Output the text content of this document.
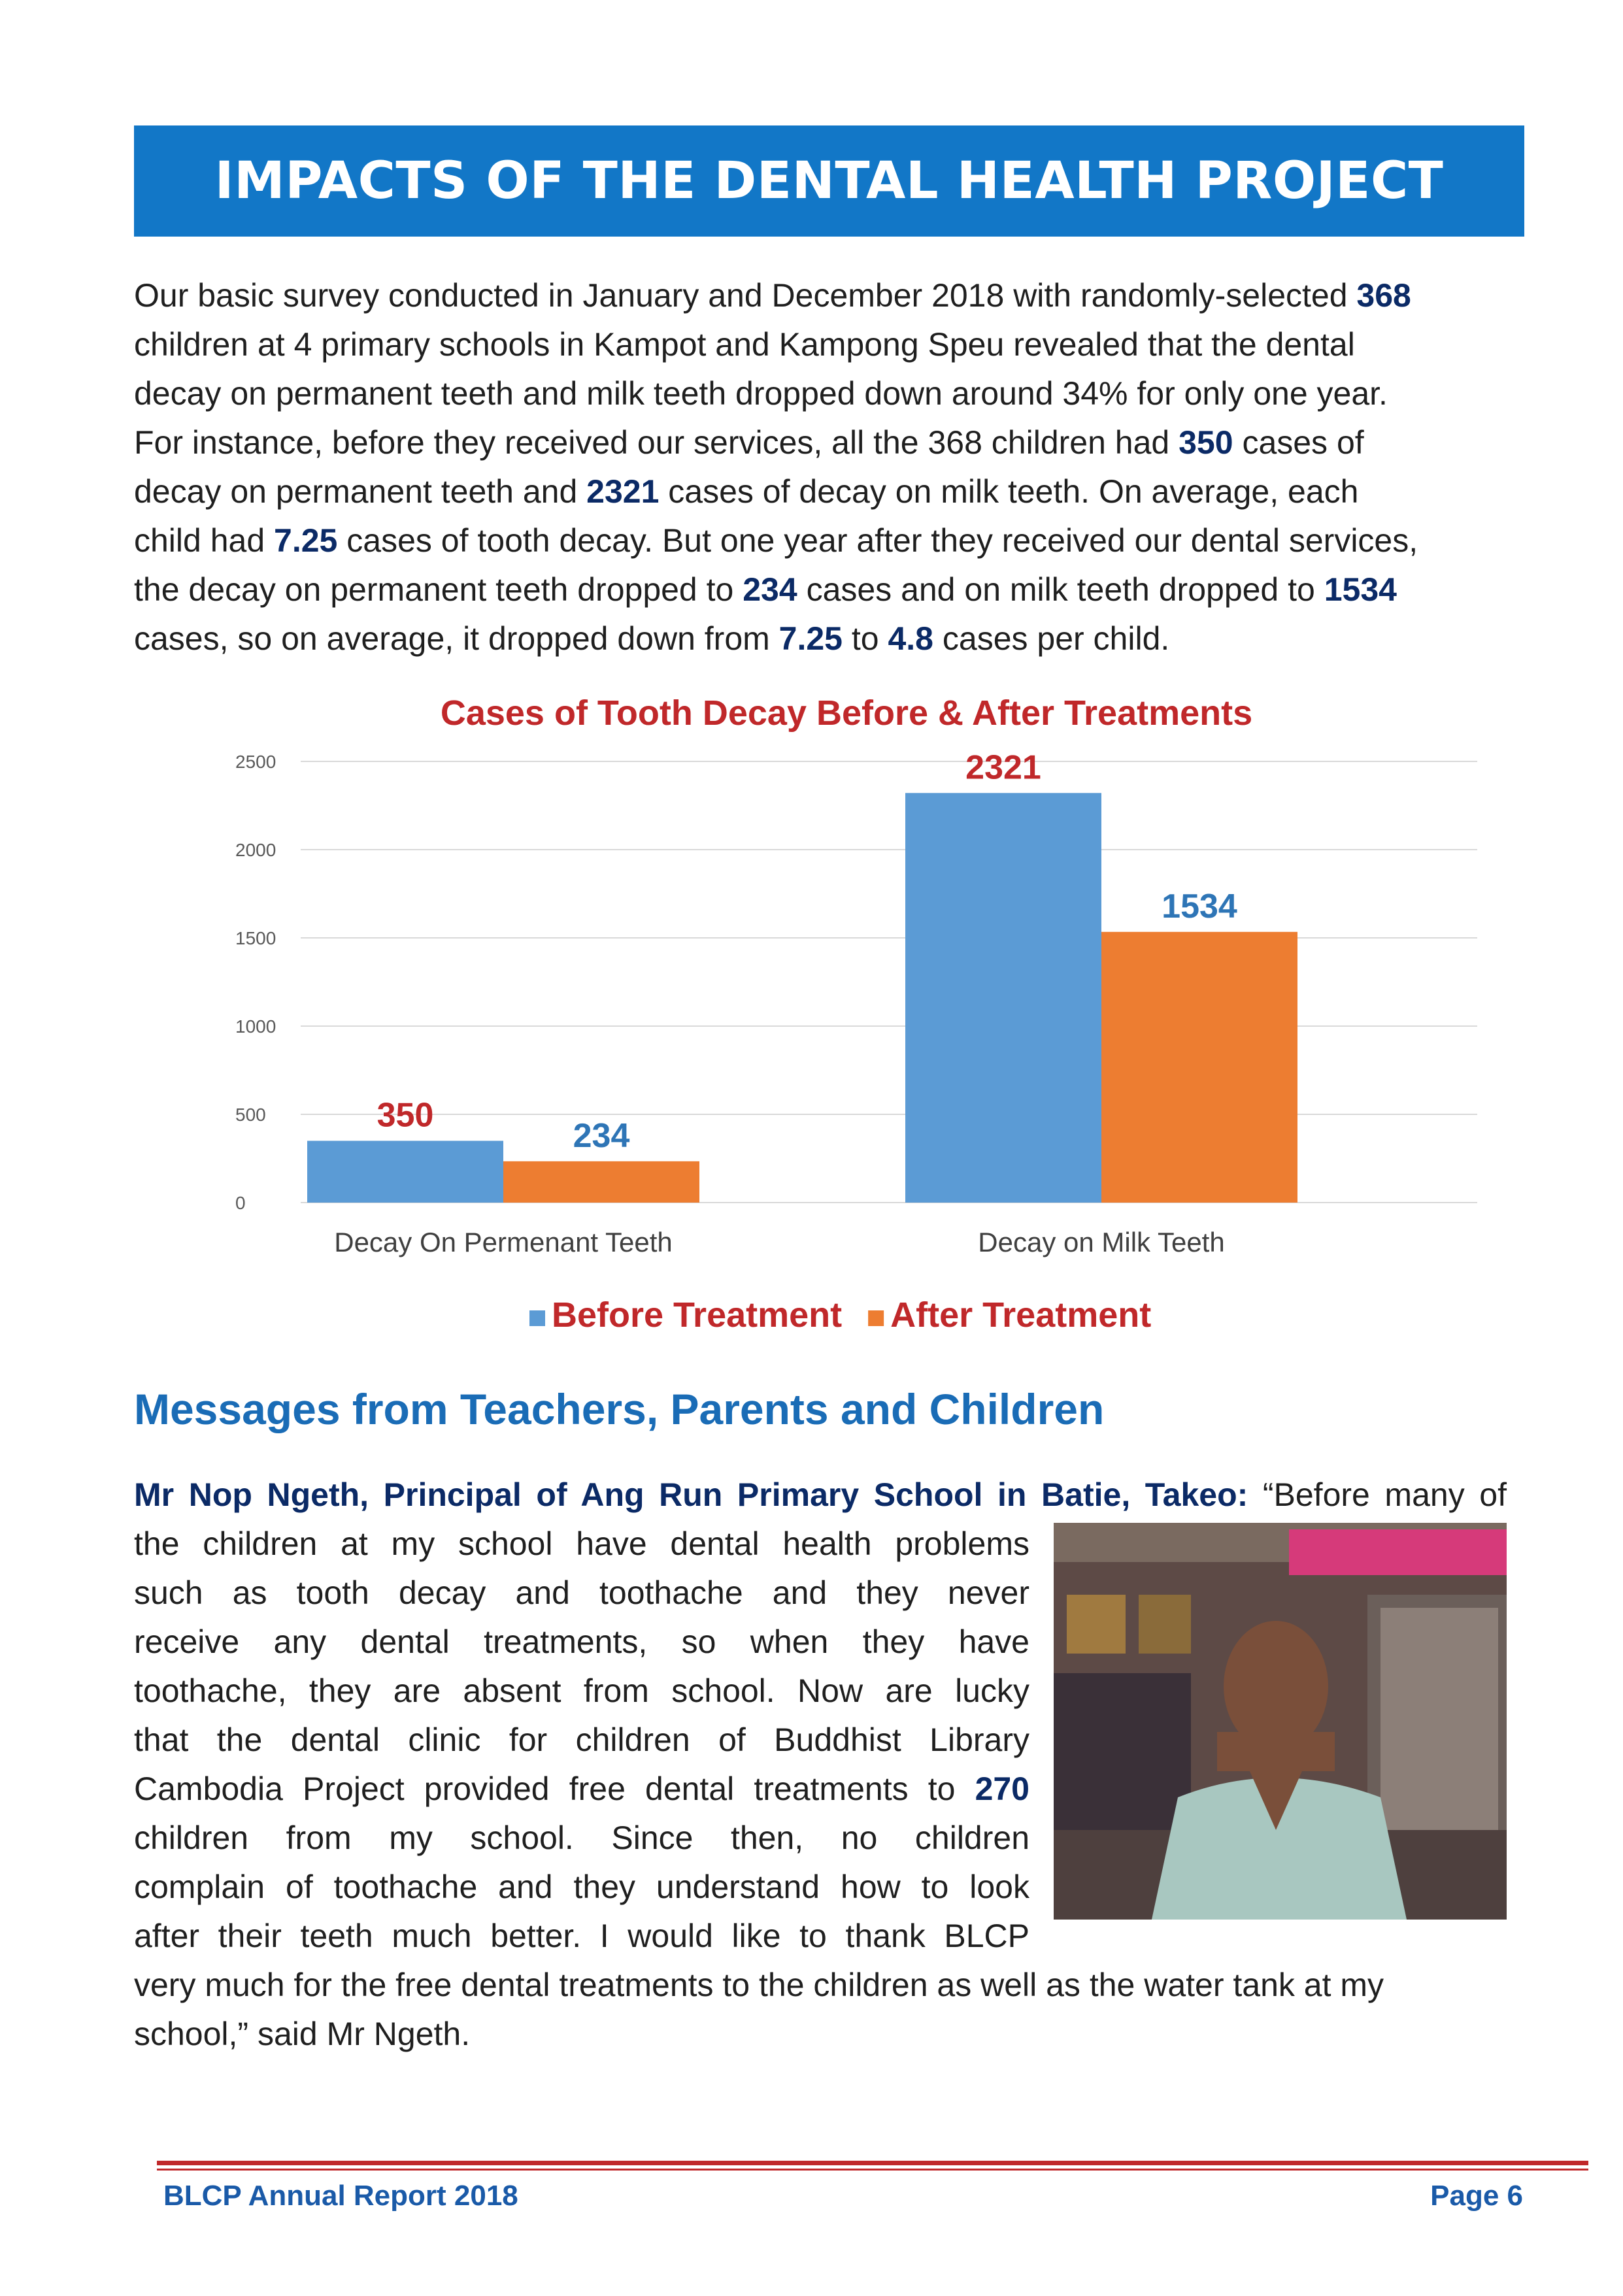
IMPACTS OF THE DENTAL HEALTH PROJECT
Our basic survey conducted in January and December 2018 with randomly-selected 368
children at 4 primary schools in Kampot and Kampong Speu revealed that the dental
decay on permanent teeth and milk teeth dropped down around 34% for only one year.
For instance, before they received our services, all the 368 children had 350 cases of
decay on permanent teeth and 2321 cases of decay on milk teeth. On average, each
child had 7.25 cases of tooth decay. But one year after they received our dental services,
the decay on permanent teeth dropped to 234 cases and on milk teeth dropped to 1534
cases, so on average, it dropped down from 7.25 to 4.8 cases per child.
Cases of Tooth Decay Before & After Treatments
0
500
1000
1500
2000
2500
350
234
Decay On Permenant Teeth
2321
1534
Decay on Milk Teeth
Before Treatment After Treatment
Messages from Teachers, Parents and Children
Mr Nop Ngeth, Principal of Ang Run Primary School in Batie, Takeo: “Before many of
the children at my school have dental health problems
such as tooth decay and toothache and they never
receive any dental treatments, so when they have
toothache, they are absent from school. Now are lucky
that the dental clinic for children of Buddhist Library
Cambodia Project provided free dental treatments to 270
children from my school. Since then, no children
complain of toothache and they understand how to look
after their teeth much better. I would like to thank BLCP
very much for the free dental treatments to the children as well as the water tank at my
school,” said Mr Ngeth.
BLCP Annual Report 2018	Page 6
